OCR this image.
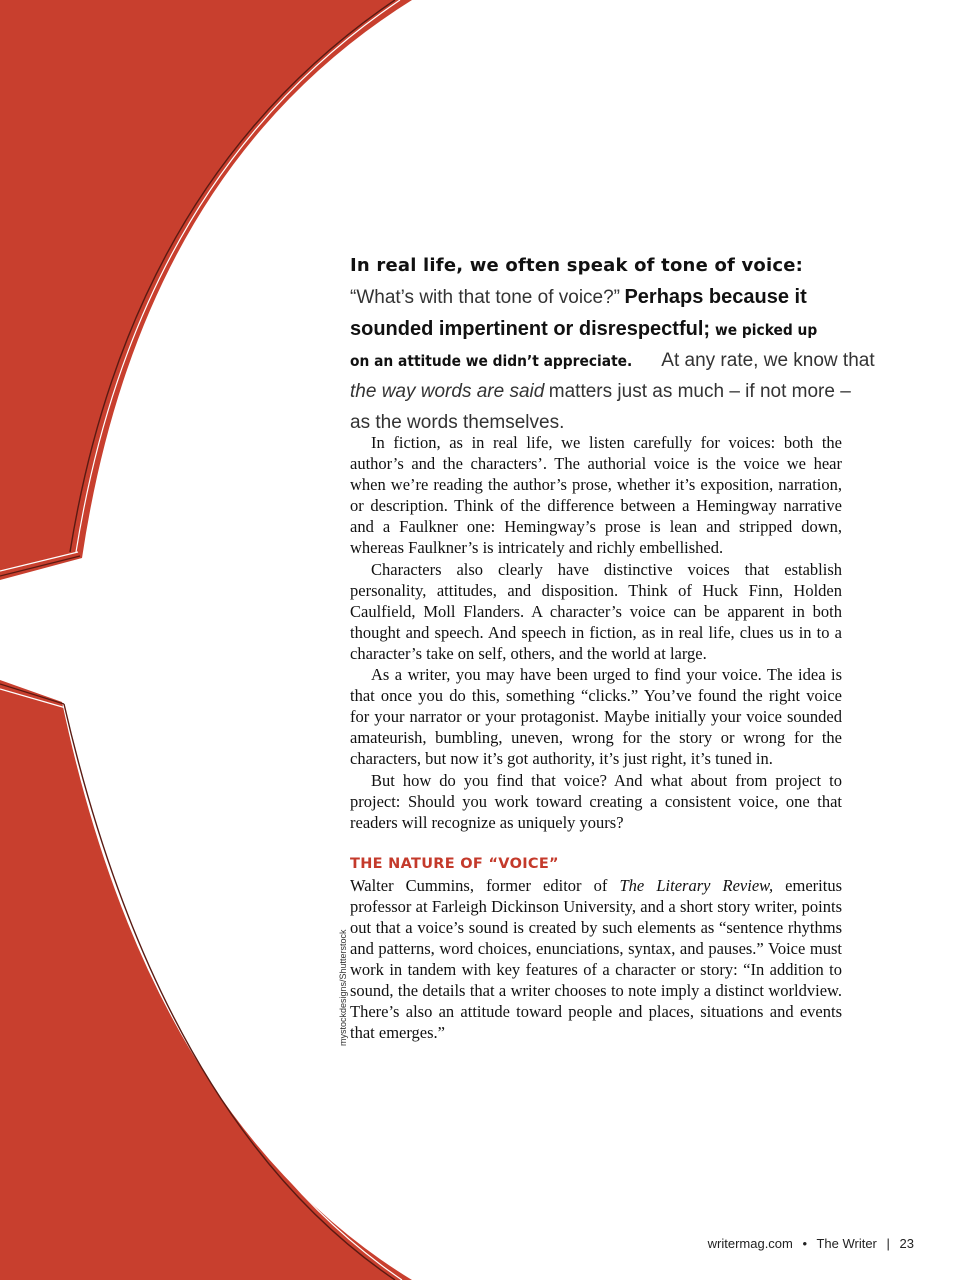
In real life, we often speak of tone of voice:
“What’s with that tone of voice?” Perhaps because it
sounded impertinent or disrespectful; we picked up
on an attitude we didn’t appreciate. At any rate, we know that
the way words are said matters just as much – if not more –
as the words themselves.

In fiction, as in real life, we listen carefully for voices: both the author’s and the characters’. The authorial voice is the voice we hear when we’re reading the author’s prose, whether it’s exposition, narration, or description. Think of the difference between a Hemingway narrative and a Faulkner one: Hemingway’s prose is lean and stripped down, whereas Faulkner’s is intricately and richly embellished.

Characters also clearly have distinctive voices that establish personality, attitudes, and disposition. Think of Huck Finn, Holden Caulfield, Moll Flanders. A character’s voice can be apparent in both thought and speech. And speech in fiction, as in real life, clues us in to a character’s take on self, others, and the world at large.

As a writer, you may have been urged to find your voice. The idea is that once you do this, something “clicks.” You’ve found the right voice for your narrator or your protagonist. Maybe initially your voice sounded amateurish, bumbling, uneven, wrong for the story or wrong for the characters, but now it’s got authority, it’s just right, it’s tuned in.

But how do you find that voice? And what about from project to project: Should you work toward creating a consistent voice, one that readers will recognize as uniquely yours?

THE NATURE OF “VOICE”

Walter Cummins, former editor of The Literary Review, emeritus professor at Farleigh Dickinson University, and a short story writer, points out that a voice’s sound is created by such elements as “sentence rhythms and patterns, word choices, enunciations, syntax, and pauses.” Voice must work in tandem with key features of a character or story: “In addition to sound, the details that a writer chooses to note imply a distinct worldview. There’s also an attitude toward people and places, situations and events that emerges.”

mystockdesigns/Shutterstock
writermag.com • The Writer | 23
